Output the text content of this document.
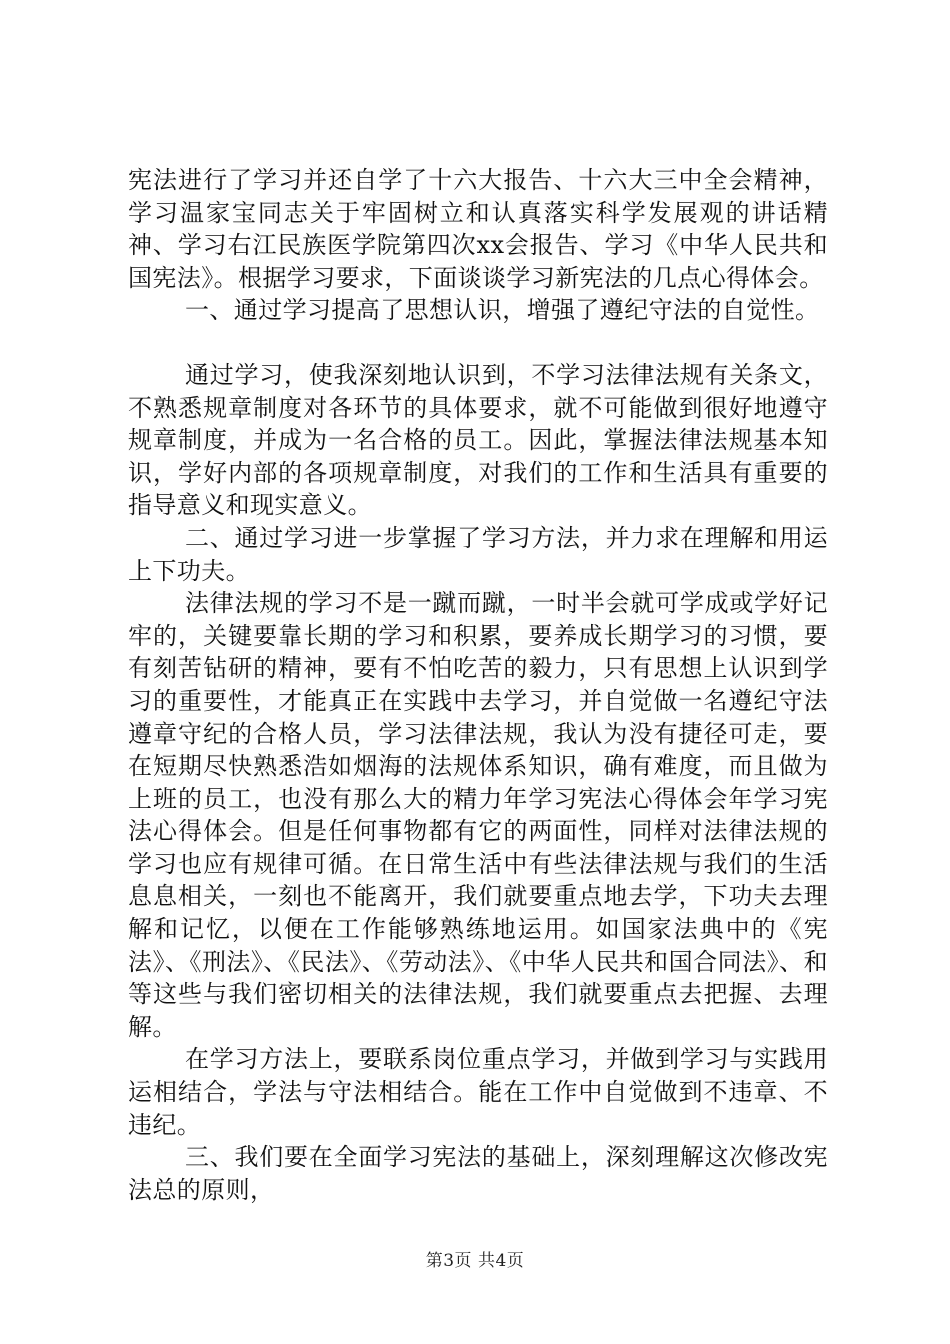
宪法进行了学习并还自学了十六大报告、十六大三中全会精神，学习温家宝同志关于牢固树立和认真落实科学发展观的讲话精神、学习右江民族医学院第四次xx会报告、学习《中华人民共和国宪法》。根据学习要求，下面谈谈学习新宪法的几点心得体会。

一、通过学习提高了思想认识，增强了遵纪守法的自觉性。

通过学习，使我深刻地认识到，不学习法律法规有关条文，不熟悉规章制度对各环节的具体要求，就不可能做到很好地遵守规章制度，并成为一名合格的员工。因此，掌握法律法规基本知识，学好内部的各项规章制度，对我们的工作和生活具有重要的指导意义和现实意义。

二、通过学习进一步掌握了学习方法，并力求在理解和用运上下功夫。

法律法规的学习不是一蹴而蹴，一时半会就可学成或学好记牢的，关键要靠长期的学习和积累，要养成长期学习的习惯，要有刻苦钻研的精神，要有不怕吃苦的毅力，只有思想上认识到学习的重要性，才能真正在实践中去学习，并自觉做一名遵纪守法遵章守纪的合格人员，学习法律法规，我认为没有捷径可走，要在短期尽快熟悉浩如烟海的法规体系知识，确有难度，而且做为上班的员工，也没有那么大的精力年学习宪法心得体会年学习宪法心得体会。但是任何事物都有它的两面性，同样对法律法规的学习也应有规律可循。在日常生活中有些法律法规与我们的生活息息相关，一刻也不能离开，我们就要重点地去学，下功夫去理解和记忆，以便在工作能够熟练地运用。如国家法典中的《宪法》、《刑法》、《民法》、《劳动法》、《中华人民共和国合同法》、和等这些与我们密切相关的法律法规，我们就要重点去把握、去理解。

在学习方法上，要联系岗位重点学习，并做到学习与实践用运相结合，学法与守法相结合。能在工作中自觉做到不违章、不违纪。

三、我们要在全面学习宪法的基础上，深刻理解这次修改宪法总的原则，

第3页 共4页
